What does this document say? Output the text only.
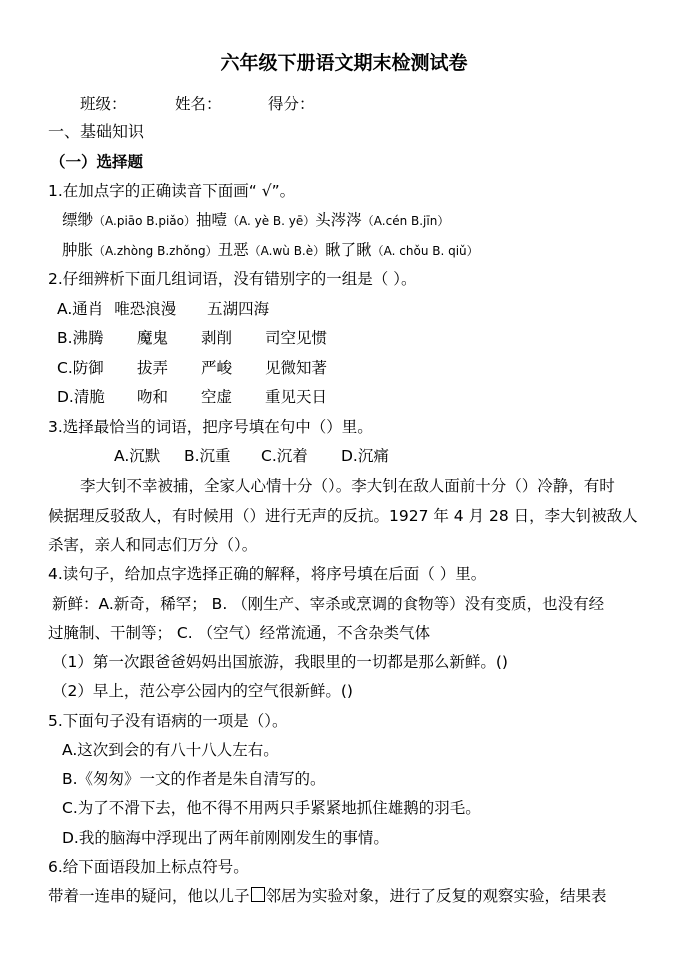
六年级下册语文期末检测试卷
班级：	姓名：	得分：
一、基础知识
（一）选择题
1.在加点字的正确读音下面画“ √”。
缥缈（A.piāo B.piǎo）抽噎（A. yè B. yē）头涔涔（A.cén B.jīn）
肿胀（A.zhòng B.zhǒng）丑恶（A.wù B.è）瞅了瞅（A. chǒu B. qiǔ）
2.仔细辨析下面几组词语，没有错别字的一组是（ ）。
A.通肖 唯恐浪漫 五湖四海
B.沸腾 魔鬼 剥削 司空见惯
C.防御 拔弄 严峻 见微知著
D.清脆 吻和 空虚 重见天日
3.选择最恰当的词语，把序号填在句中（）里。
A.沉默 B.沉重 C.沉着 D.沉痛
李大钊不幸被捕，全家人心情十分（）。李大钊在敌人面前十分（）冷静，有时
候据理反驳敌人，有时候用（）进行无声的反抗。1927 年 4 月 28 日，李大钊被敌人
杀害，亲人和同志们万分（）。
4.读句子，给加点字选择正确的解释，将序号填在后面（ ）里。
新鲜：A.新奇，稀罕； B. （刚生产、宰杀或烹调的食物等）没有变质，也没有经
过腌制、干制等； C. （空气）经常流通，不含杂类气体
（1）第一次跟爸爸妈妈出国旅游，我眼里的一切都是那么新鲜。()
（2）早上，范公亭公园内的空气很新鲜。()
5.下面句子没有语病的一项是（）。
A.这次到会的有八十八人左右。
B.《匆匆》一文的作者是朱自清写的。
C.为了不滑下去，他不得不用两只手紧紧地抓住雄鹅的羽毛。
D.我的脑海中浮现出了两年前刚刚发生的事情。
6.给下面语段加上标点符号。
带着一连串的疑问，他以儿子 邻居为实验对象，进行了反复的观察实验，结果表
